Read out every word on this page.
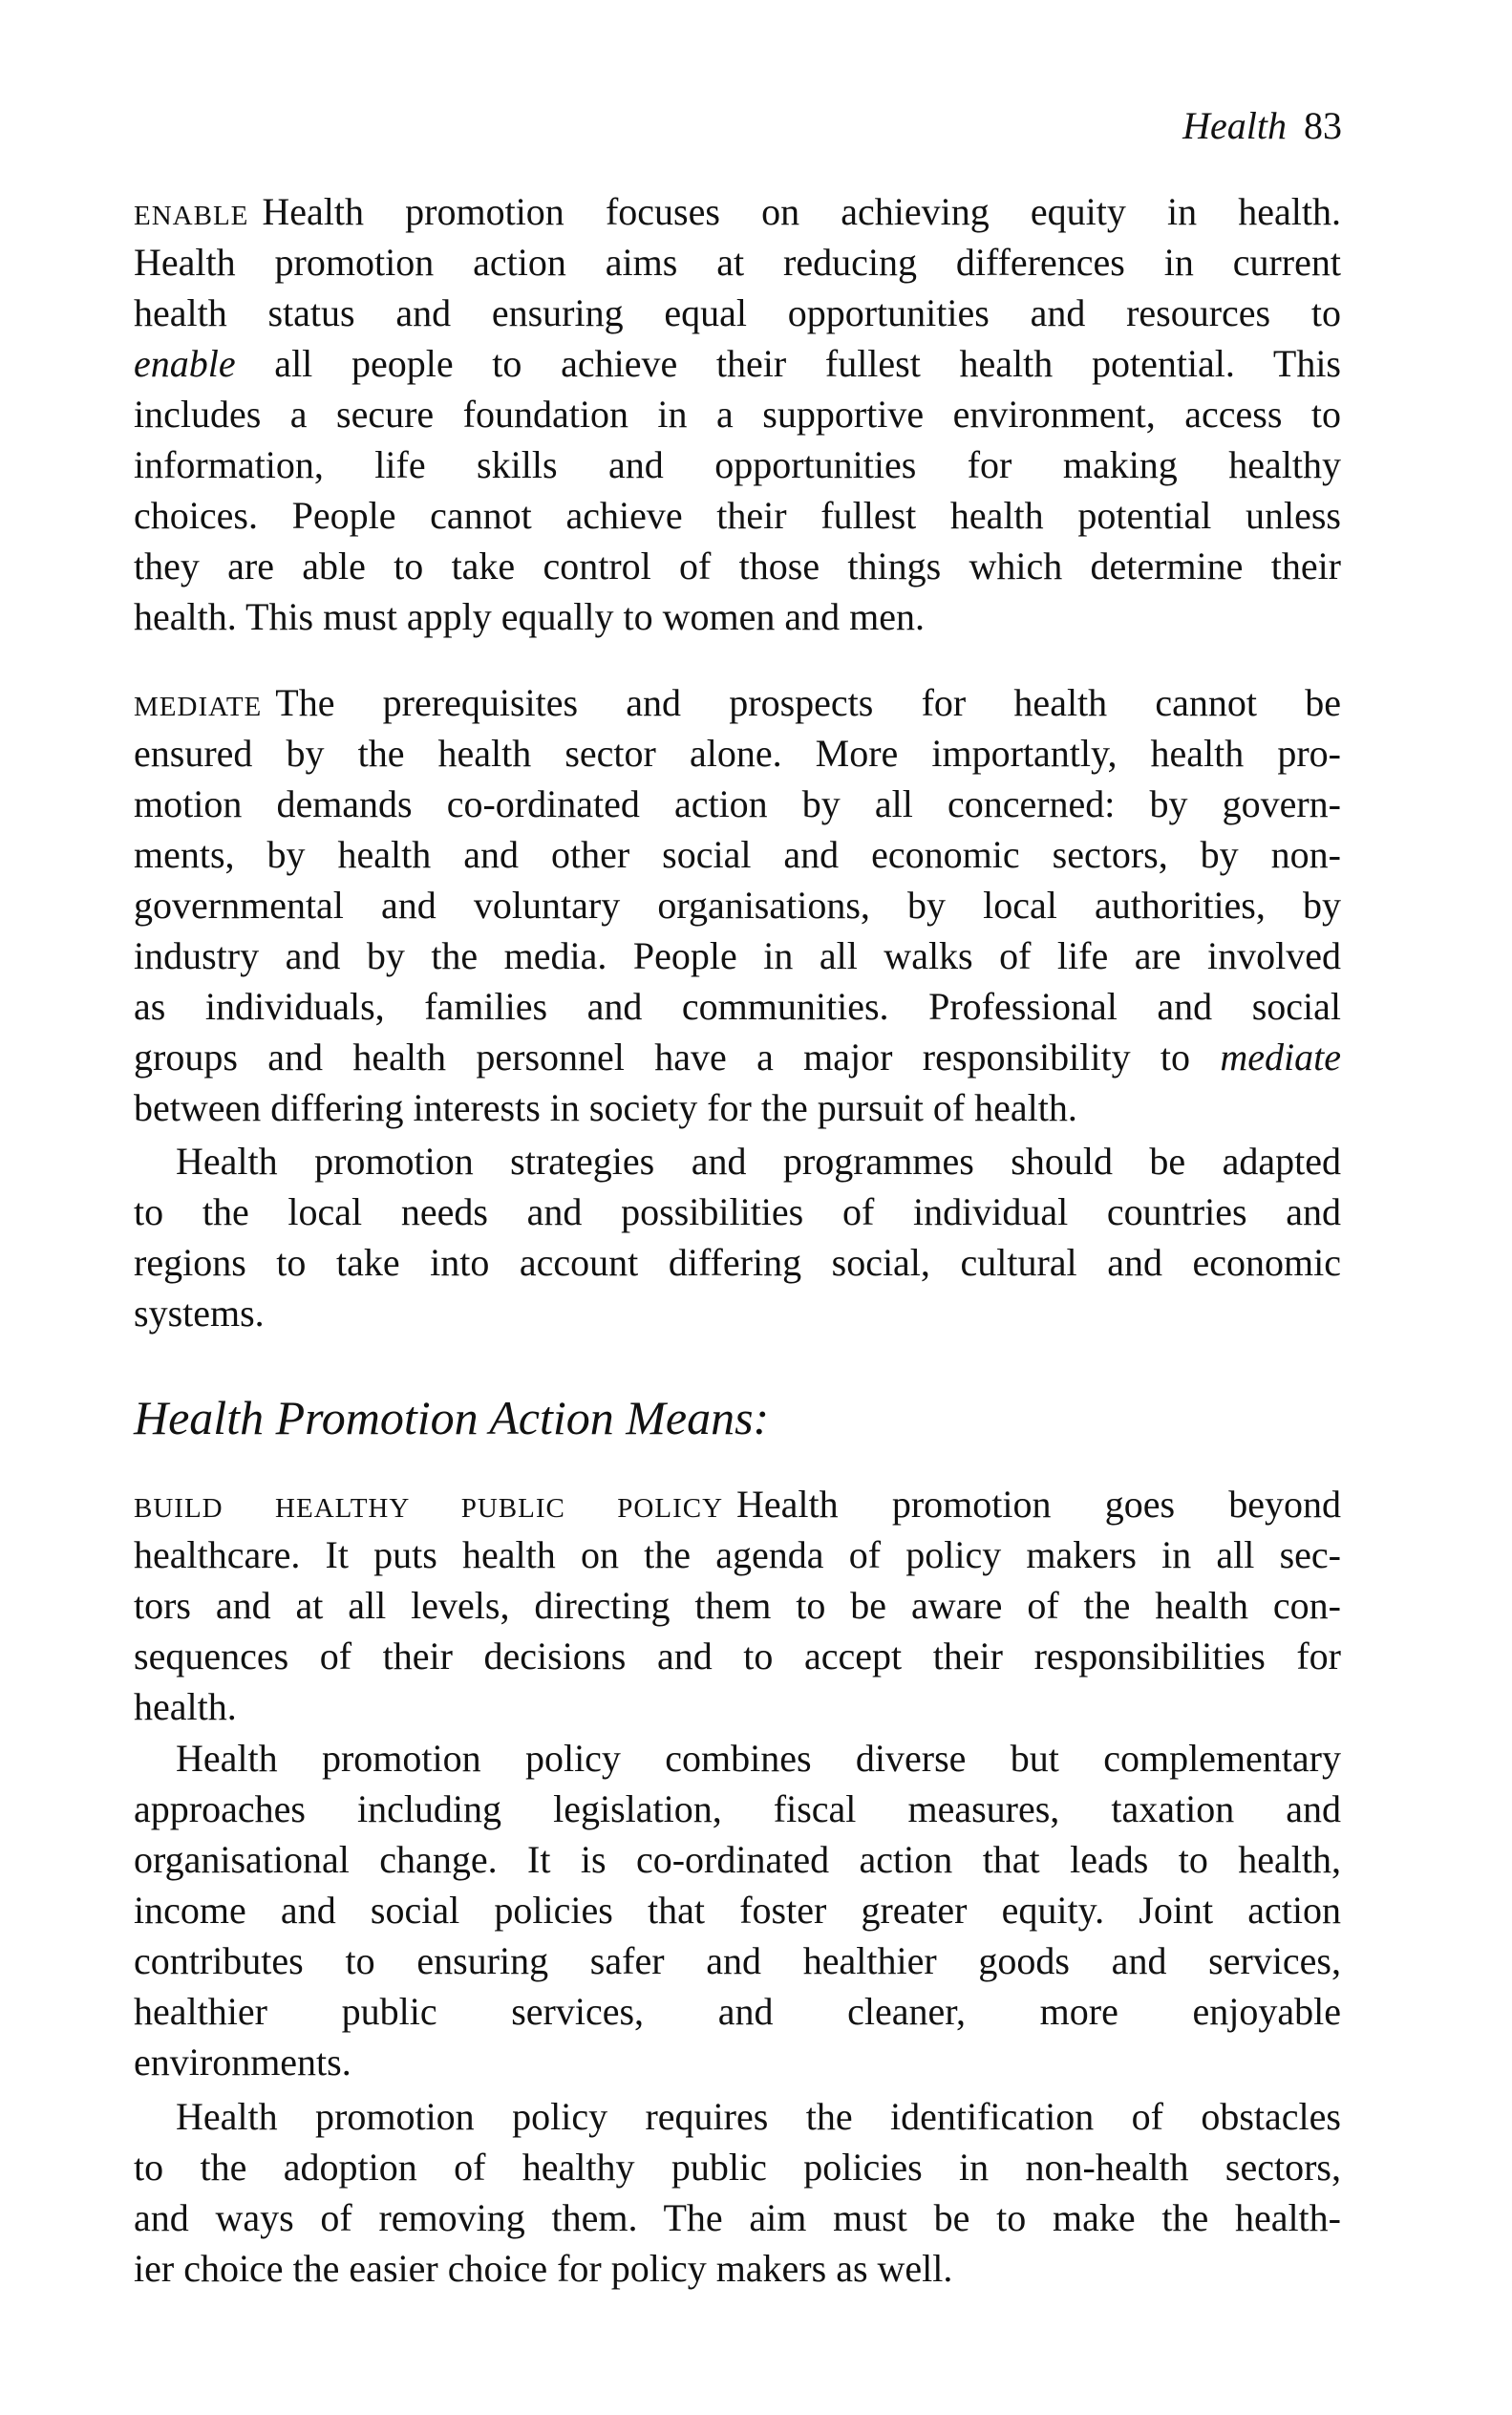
Health 83
Health Promotion Action Means:
ENABLE Health promotion focuses on achieving equity in health.
Health promotion action aims at reducing differences in current
health status and ensuring equal opportunities and resources to
enable all people to achieve their fullest health potential. This
includes a secure foundation in a supportive environment, access to
information, life skills and opportunities for making healthy
choices. People cannot achieve their fullest health potential unless
they are able to take control of those things which determine their
health. This must apply equally to women and men.
MEDIATE The prerequisites and prospects for health cannot be
ensured by the health sector alone. More importantly, health pro-
motion demands co-ordinated action by all concerned: by govern-
ments, by health and other social and economic sectors, by non-
governmental and voluntary organisations, by local authorities, by
industry and by the media. People in all walks of life are involved
as individuals, families and communities. Professional and social
groups and health personnel have a major responsibility to mediate
between differing interests in society for the pursuit of health.
Health promotion strategies and programmes should be adapted
to the local needs and possibilities of individual countries and
regions to take into account differing social, cultural and economic
systems.
BUILD HEALTHY PUBLIC POLICY Health promotion goes beyond
healthcare. It puts health on the agenda of policy makers in all sec-
tors and at all levels, directing them to be aware of the health con-
sequences of their decisions and to accept their responsibilities for
health.
Health promotion policy combines diverse but complementary
approaches including legislation, fiscal measures, taxation and
organisational change. It is co-ordinated action that leads to health,
income and social policies that foster greater equity. Joint action
contributes to ensuring safer and healthier goods and services,
healthier public services, and cleaner, more enjoyable
environments.
Health promotion policy requires the identification of obstacles
to the adoption of healthy public policies in non-health sectors,
and ways of removing them. The aim must be to make the health-
ier choice the easier choice for policy makers as well.
